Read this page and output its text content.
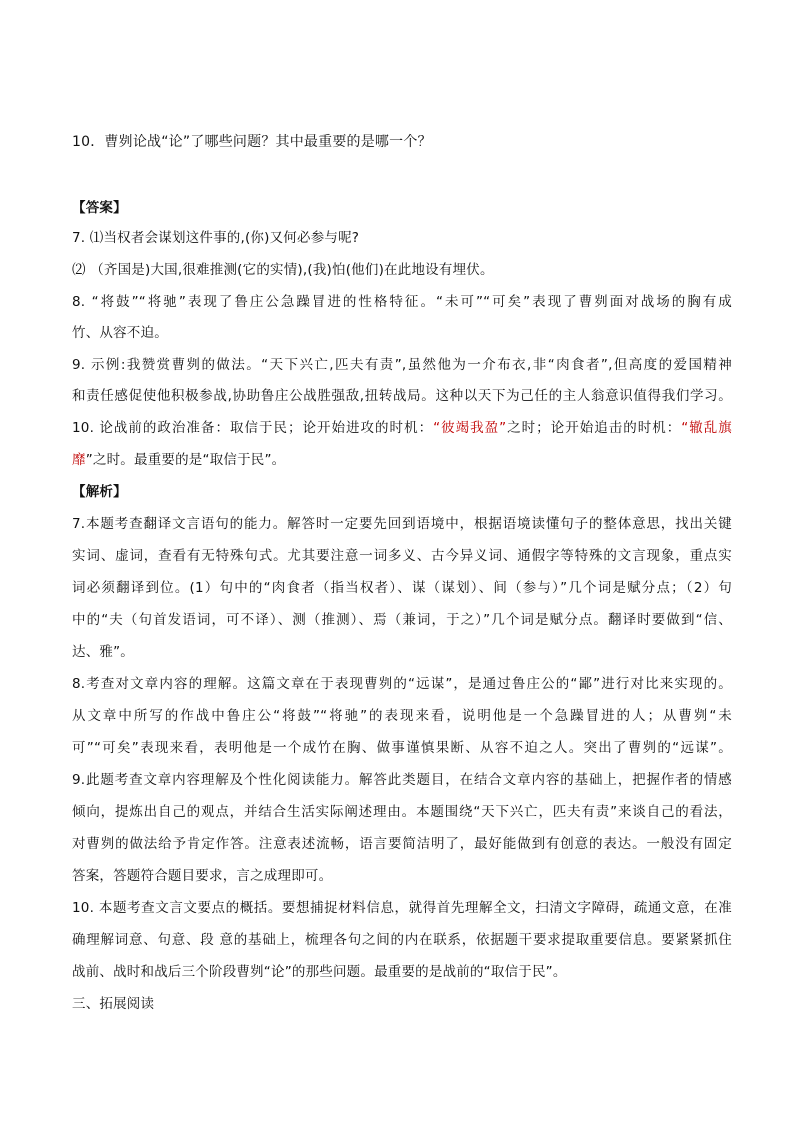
10．曹刿论战“论”了哪些问题？其中最重要的是哪一个？
【答案】
7. ⑴当权者会谋划这件事的,(你)又何必参与呢?
⑵ （齐国是)大国,很难推测(它的实情),(我)怕(他们)在此地设有埋伏。
8. “将鼓”“将驰”表现了鲁庄公急躁冒进的性格特征。“未可”“可矣”表现了曹刿面对战场的胸有成
竹、从容不迫。
9. 示例:我赞赏曹刿的做法。“天下兴亡,匹夫有责”,虽然他为一介布衣,非“肉食者”,但高度的爱国精神
和责任感促使他积极参战,协助鲁庄公战胜强敌,扭转战局。这种以天下为己任的主人翁意识值得我们学习。
10. 论战前的政治准备：取信于民；论开始进攻的时机：“彼竭我盈”之时；论开始追击的时机：“辙乱旗
靡”之时。最重要的是“取信于民”。
【解析】
7.本题考查翻译文言语句的能力。解答时一定要先回到语境中，根据语境读懂句子的整体意思，找出关键
实词、虚词，查看有无特殊句式。尤其要注意一词多义、古今异义词、通假字等特殊的文言现象，重点实
词必须翻译到位。(1）句中的“肉食者（指当权者）、谋（谋划）、间（参与）”几个词是赋分点；（2）句
中的“夫（句首发语词，可不译）、测（推测）、焉（兼词，于之）”几个词是赋分点。翻译时要做到“信、
达、雅”。
8.考查对文章内容的理解。这篇文章在于表现曹刿的“远谋”，是通过鲁庄公的“鄙”进行对比来实现的。
从文章中所写的作战中鲁庄公“将鼓”“将驰”的表现来看，说明他是一个急躁冒进的人；从曹刿“未
可”“可矣”表现来看，表明他是一个成竹在胸、做事谨慎果断、从容不迫之人。突出了曹刿的“远谋”。
9.此题考查文章内容理解及个性化阅读能力。解答此类题目，在结合文章内容的基础上，把握作者的情感
倾向，提炼出自己的观点，并结合生活实际阐述理由。本题围绕“天下兴亡，匹夫有责”来谈自己的看法，
对曹刿的做法给予肯定作答。注意表述流畅，语言要简洁明了，最好能做到有创意的表达。一般没有固定
答案，答题符合题目要求，言之成理即可。
10. 本题考查文言文要点的概括。要想捕捉材料信息，就得首先理解全文，扫清文字障碍，疏通文意，在准
确理解词意、句意、段 意的基础上，梳理各句之间的内在联系，依据题干要求提取重要信息。要紧紧抓住
战前、战时和战后三个阶段曹刿“论”的那些问题。最重要的是战前的“取信于民”。
三、拓展阅读
